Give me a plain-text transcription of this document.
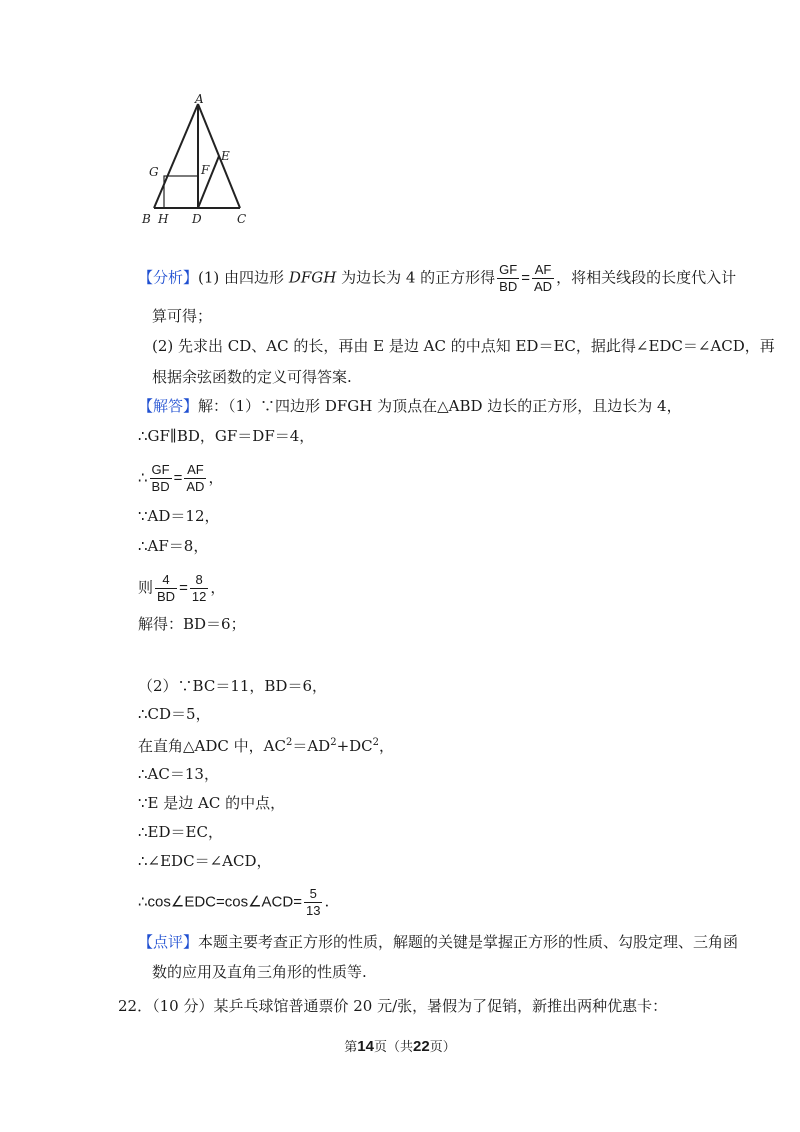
A
B	C
D
E
F
G
H
【分析】(1) 由四边形 DFGH 为边长为 4 的正方形得 $\frac{GF}{BD} = \frac{AF}{AD}$ ，将相关线段的长度代入计
算可得；
(2) 先求出 CD、AC 的长，再由 E 是边 AC 的中点知 ED＝EC，据此得∠EDC＝∠ACD，再
根据余弦函数的定义可得答案.
【解答】解：（1）∵四边形 DFGH 为顶点在△ABD 边长的正方形，且边长为 4，
∴GF∥BD，GF＝DF＝4，
∴ $\frac{GF}{BD} = \frac{AF}{AD}$ ，
∵AD＝12，
∴AF＝8，
则 $\frac{4}{BD} = \frac{8}{12}$ ，
解得：BD＝6；
（2）∵BC＝11，BD＝6，
∴CD＝5，
在直角△ADC 中，$AC^2=AD^2+DC^2$，
∴AC＝13，
∵E 是边 AC 的中点，
∴ED＝EC，
∴∠EDC＝∠ACD，
∴cos∠EDC=cos∠ACD= $\frac{5}{13}$ .
【点评】本题主要考查正方形的性质，解题的关键是掌握正方形的性质、勾股定理、三角函
数的应用及直角三角形的性质等.
22．（10 分）某乒乓球馆普通票价 20 元/张，暑假为了促销，新推出两种优惠卡：
第14页（共22页）
